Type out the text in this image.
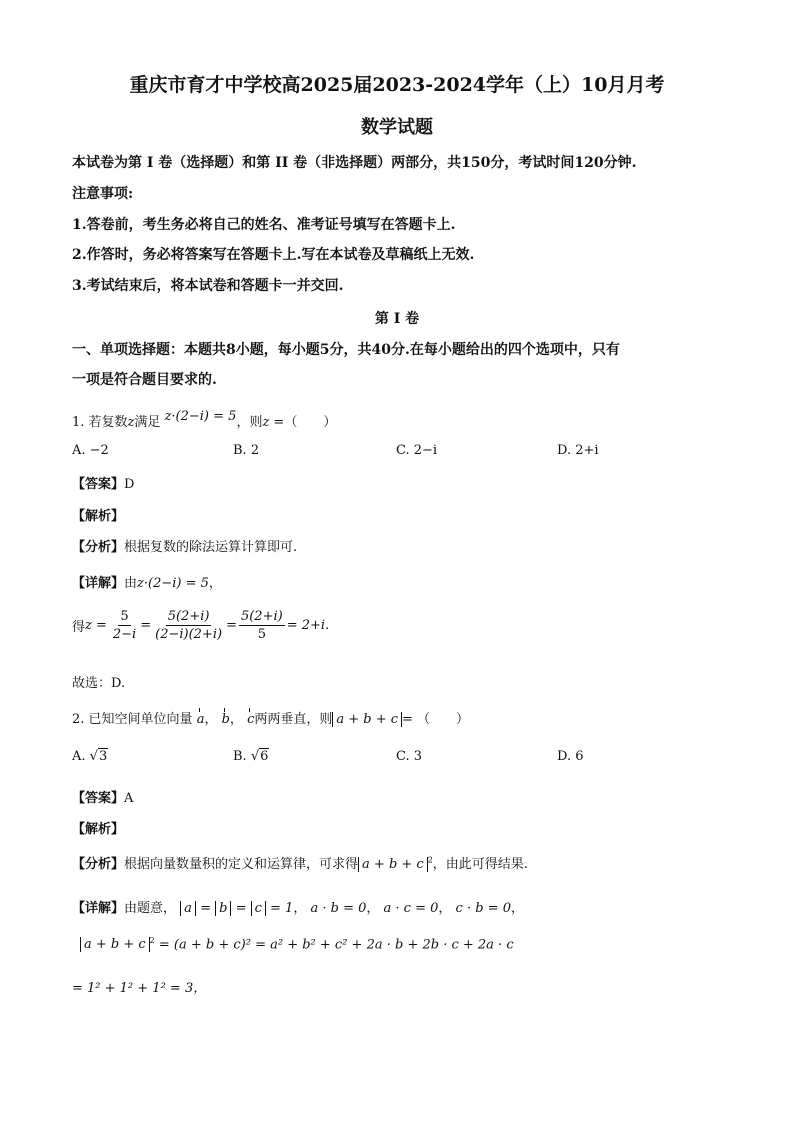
重庆市育才中学校高2025届2023-2024学年（上）10月月考
数学试题
本试卷为第 I 卷（选择题）和第 II 卷（非选择题）两部分，共150分，考试时间120分钟.
注意事项:
1.答卷前，考生务必将自己的姓名、准考证号填写在答题卡上.
2.作答时，务必将答案写在答题卡上.写在本试卷及草稿纸上无效.
3.考试结束后，将本试卷和答题卡一并交回.
第 I 卷
一、单项选择题：本题共8小题，每小题5分，共40分.在每小题给出的四个选项中，只有
一项是符合题目要求的.
1. 若复数z满足 z·(2−i) = 5，则z =（　　）
A. −2	B. 2	C. 2−i	D. 2+i
【答案】D
【解析】
【分析】根据复数的除法运算计算即可.
【详解】由z·(2−i) = 5，
得 $z = \frac{5}{2-i} = \frac{5(2+i)}{(2-i)(2+i)} = \frac{5(2+i)}{5} = 2+i$ .
故选：D.
2. 已知空间单位向量 a， b， c两两垂直，则 a + b + c = （　　）
A. √3	B. √6	C. 3	D. 6
【答案】A
【解析】
【分析】根据向量数量积的定义和运算律，可求得 a + b + c $^2$，由此可得结果.
【详解】由题意， a = b = c = 1， a · b = 0， a · c = 0， c · b = 0，
a + b + c $^2$ = (a + b + c)² = a² + b² + c² + 2a · b + 2b · c + 2a · c
= 1² + 1² + 1² = 3，
